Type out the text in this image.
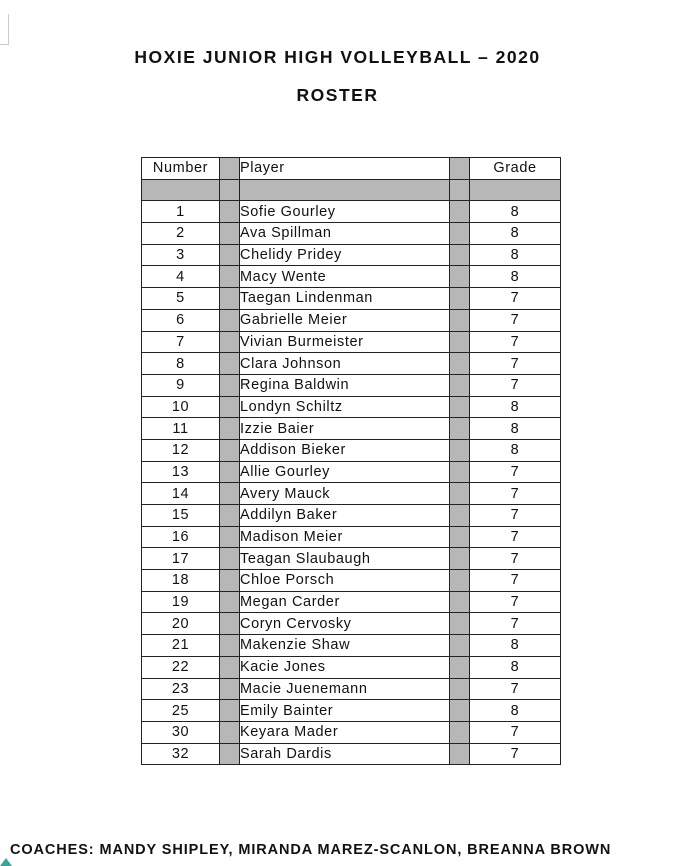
HOXIE JUNIOR HIGH VOLLEYBALL – 2020
ROSTER
Number		Player		Grade

1		Sofie Gourley		8
2		Ava Spillman		8
3		Chelidy Pridey		8
4		Macy Wente		8
5		Taegan Lindenman		7
6		Gabrielle Meier		7
7		Vivian Burmeister		7
8		Clara Johnson		7
9		Regina Baldwin		7
10		Londyn Schiltz		8
11		Izzie Baier		8
12		Addison Bieker		8
13		Allie Gourley		7
14		Avery Mauck		7
15		Addilyn Baker		7
16		Madison Meier		7
17		Teagan Slaubaugh		7
18		Chloe Porsch		7
19		Megan Carder		7
20		Coryn Cervosky		7
21		Makenzie Shaw		8
22		Kacie Jones		8
23		Macie Juenemann		7
25		Emily Bainter		8
30		Keyara Mader		7
32		Sarah Dardis		7
COACHES: MANDY SHIPLEY, MIRANDA MAREZ-SCANLON, BREANNA BROWN
